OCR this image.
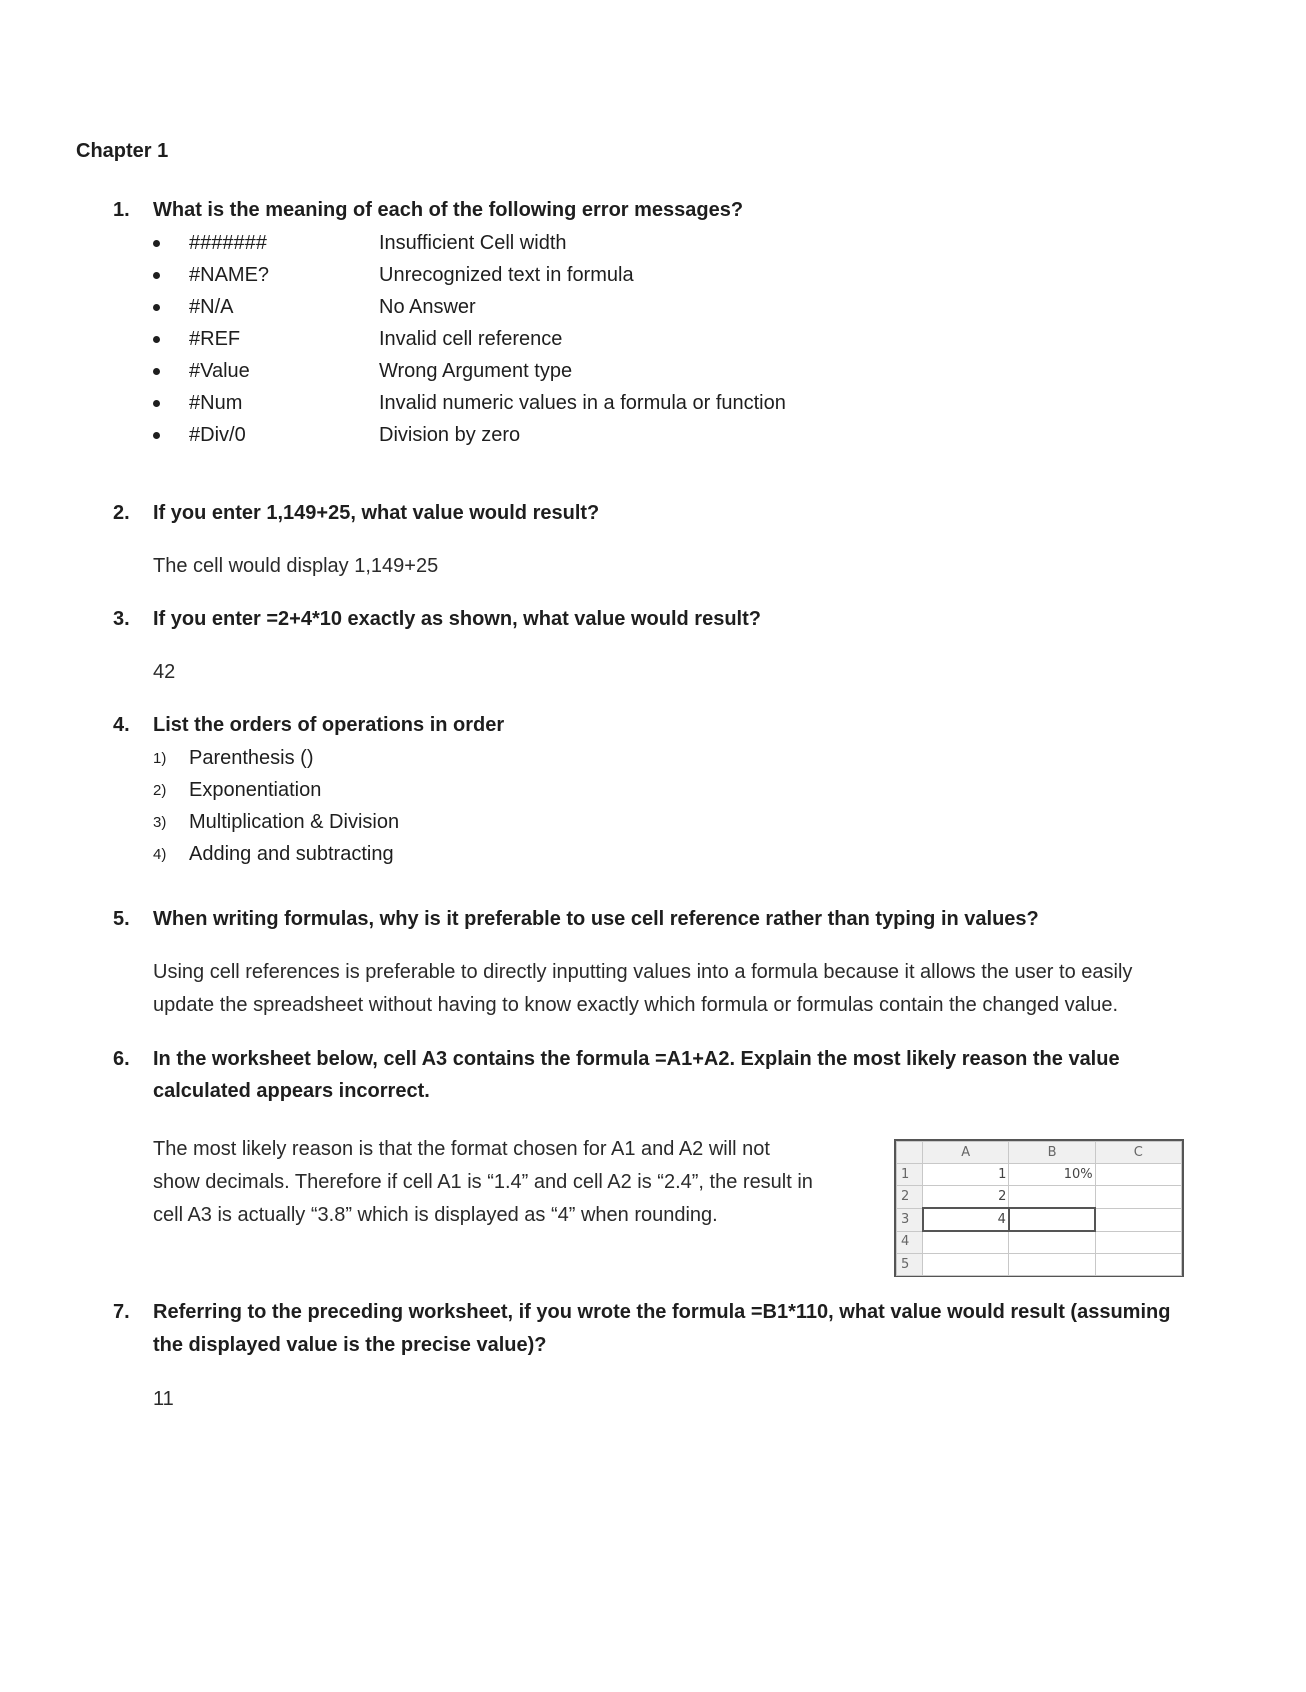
Chapter 1
1.	What is the meaning of each of the following error messages?
#######	Insufficient Cell width
#NAME?	Unrecognized text in formula
#N/A	No Answer
#REF	Invalid cell reference
#Value	Wrong Argument type
#Num	Invalid numeric values in a formula or function
#Div/0	Division by zero
2.	If you enter 1,149+25, what value would result?
The cell would display 1,149+25
3.	If you enter =2+4*10 exactly as shown, what value would result?
42
4.	List the orders of operations in order
1) Parenthesis ()
2) Exponentiation
3) Multiplication & Division
4) Adding and subtracting
5.	When writing formulas, why is it preferable to use cell reference rather than typing in values?
Using cell references is preferable to directly inputting values into a formula because it allows the user to easily
update the spreadsheet without having to know exactly which formula or formulas contain the changed value.
6.	In the worksheet below, cell A3 contains the formula =A1+A2. Explain the most likely reason the value
calculated appears incorrect.
The most likely reason is that the format chosen for A1 and A2 will not
show decimals. Therefore if cell A1 is “1.4” and cell A2 is “2.4”, the result in
cell A3 is actually “3.8” which is displayed as “4” when rounding.
	A	B	C
1	1	10%	
2	2		
3	4		
4			
5			
7.	Referring to the preceding worksheet, if you wrote the formula =B1*110, what value would result (assuming
the displayed value is the precise value)?
11
